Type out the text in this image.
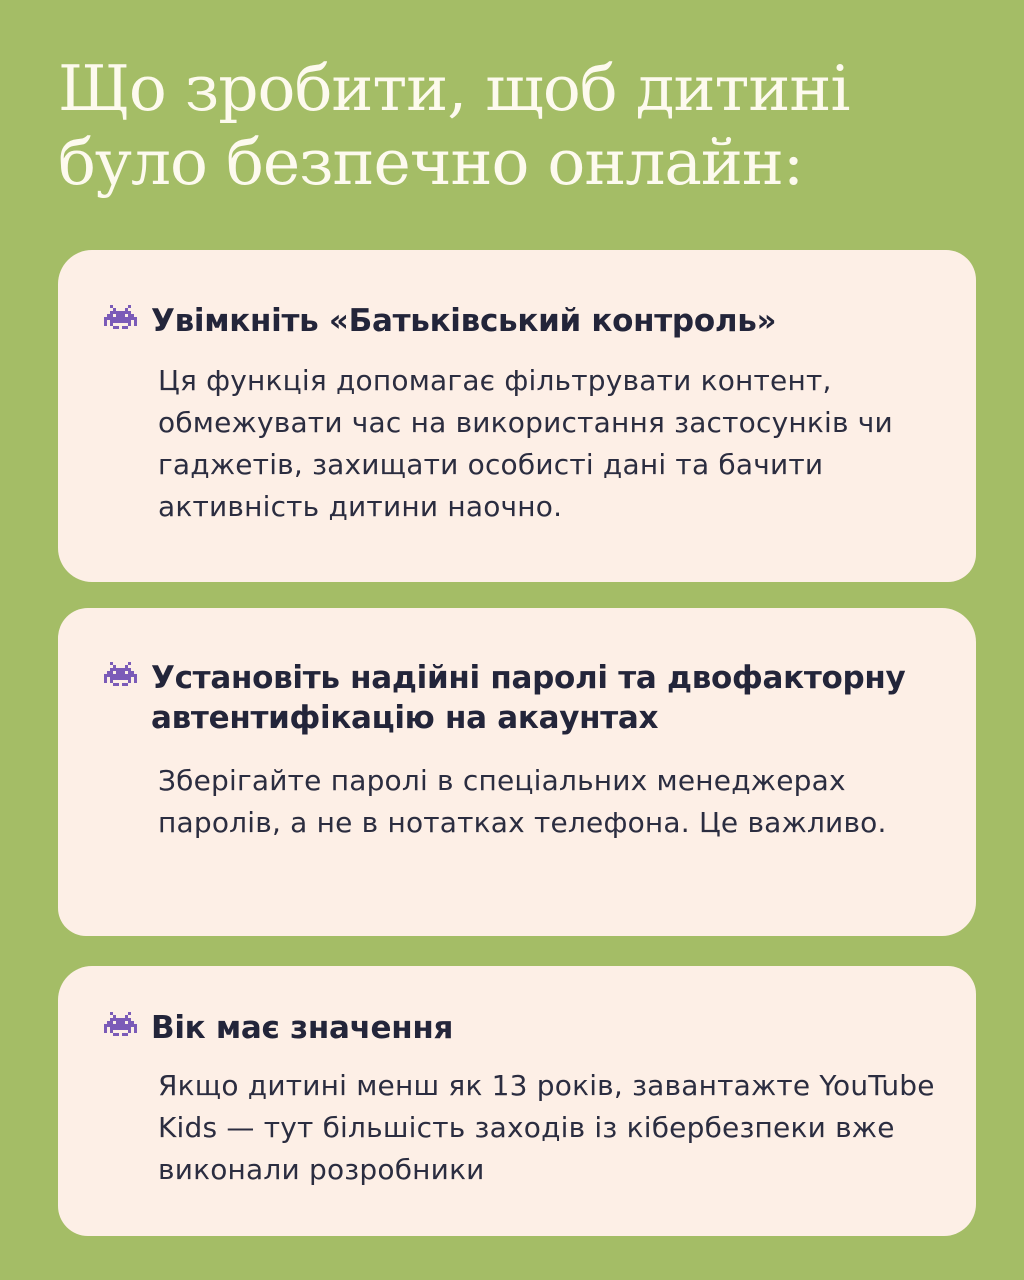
Що зробити, щоб дитині
було безпечно онлайн:
Увімкніть «Батьківський контроль»
Ця функція допомагає фільтрувати контент, обмежувати час на використання застосунків чи гаджетів, захищати особисті дані та бачити активність дитини наочно.
Установіть надійні паролі та двофакторну автентифікацію на акаунтах
Зберігайте паролі в спеціальних менеджерах паролів, а не в нотатках телефона. Це важливо.
Вік має значення
Якщо дитині менш як 13 років, завантажте YouTube Kids — тут більшість заходів із кібербезпеки вже виконали розробники
